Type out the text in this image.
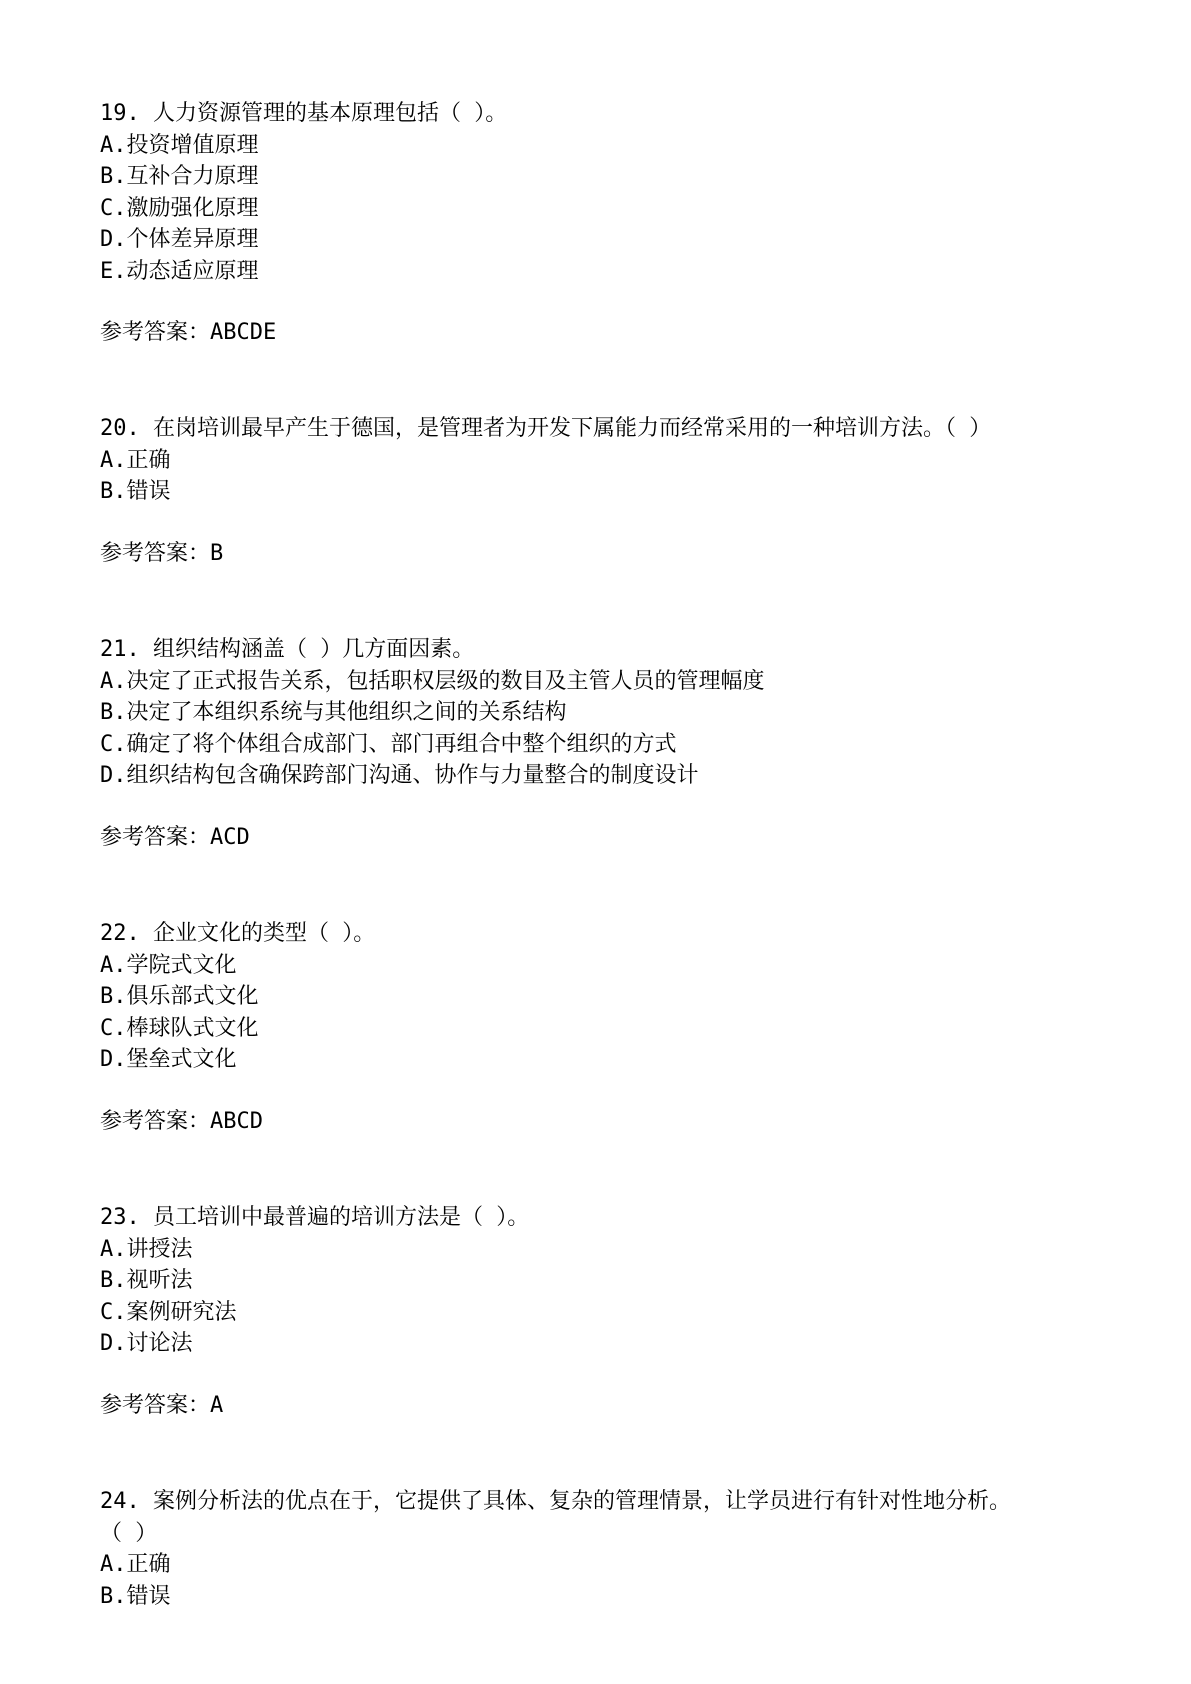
19. 人力资源管理的基本原理包括（ ）。
A.投资增值原理
B.互补合力原理
C.激励强化原理
D.个体差异原理
E.动态适应原理
参考答案：ABCDE
20. 在岗培训最早产生于德国，是管理者为开发下属能力而经常采用的一种培训方法。（ ）
A.正确
B.错误
参考答案：B
21. 组织结构涵盖（ ）几方面因素。
A.决定了正式报告关系，包括职权层级的数目及主管人员的管理幅度
B.决定了本组织系统与其他组织之间的关系结构
C.确定了将个体组合成部门、部门再组合中整个组织的方式
D.组织结构包含确保跨部门沟通、协作与力量整合的制度设计
参考答案：ACD
22. 企业文化的类型（ ）。
A.学院式文化
B.俱乐部式文化
C.棒球队式文化
D.堡垒式文化
参考答案：ABCD
23. 员工培训中最普遍的培训方法是（ ）。
A.讲授法
B.视听法
C.案例研究法
D.讨论法
参考答案：A
24. 案例分析法的优点在于，它提供了具体、复杂的管理情景，让学员进行有针对性地分析。
（ ）
A.正确
B.错误
